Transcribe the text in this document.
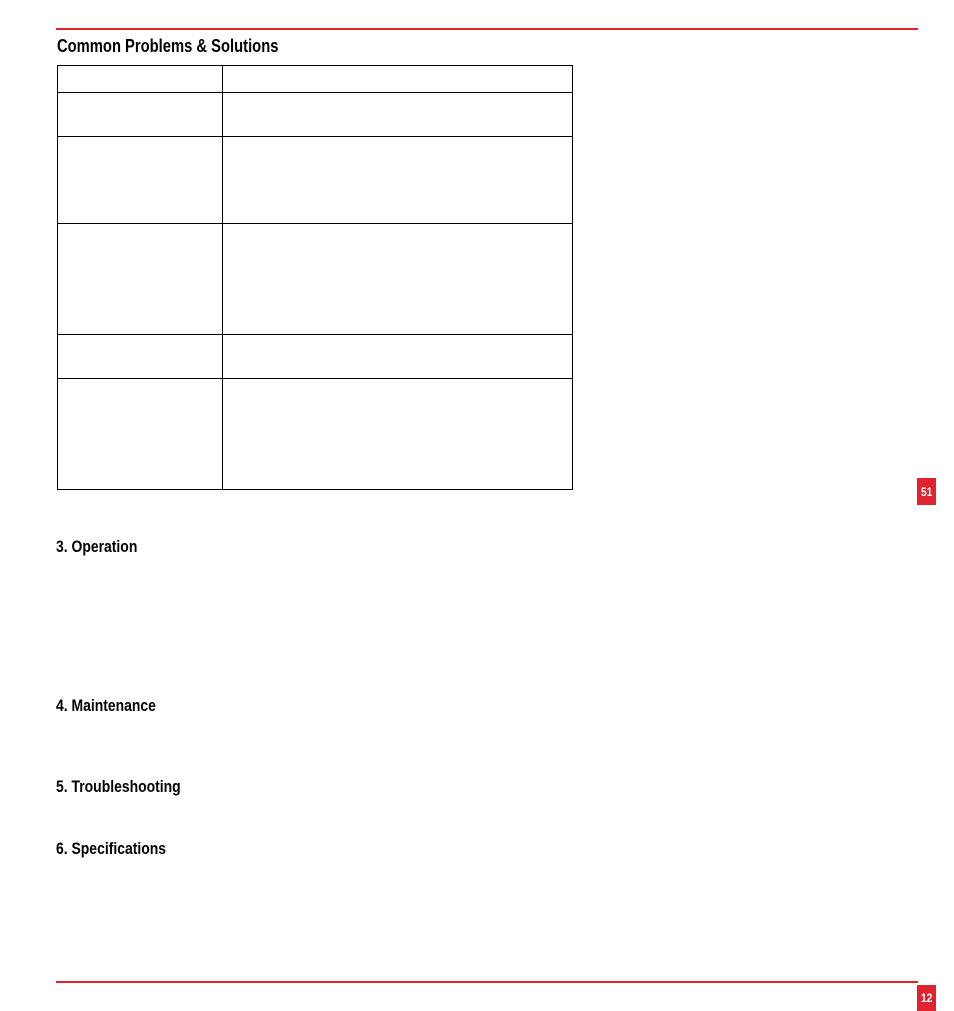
Common Problems & Solutions

3. Operation
4. Maintenance
5. Troubleshooting
6. Specifications
51
12
